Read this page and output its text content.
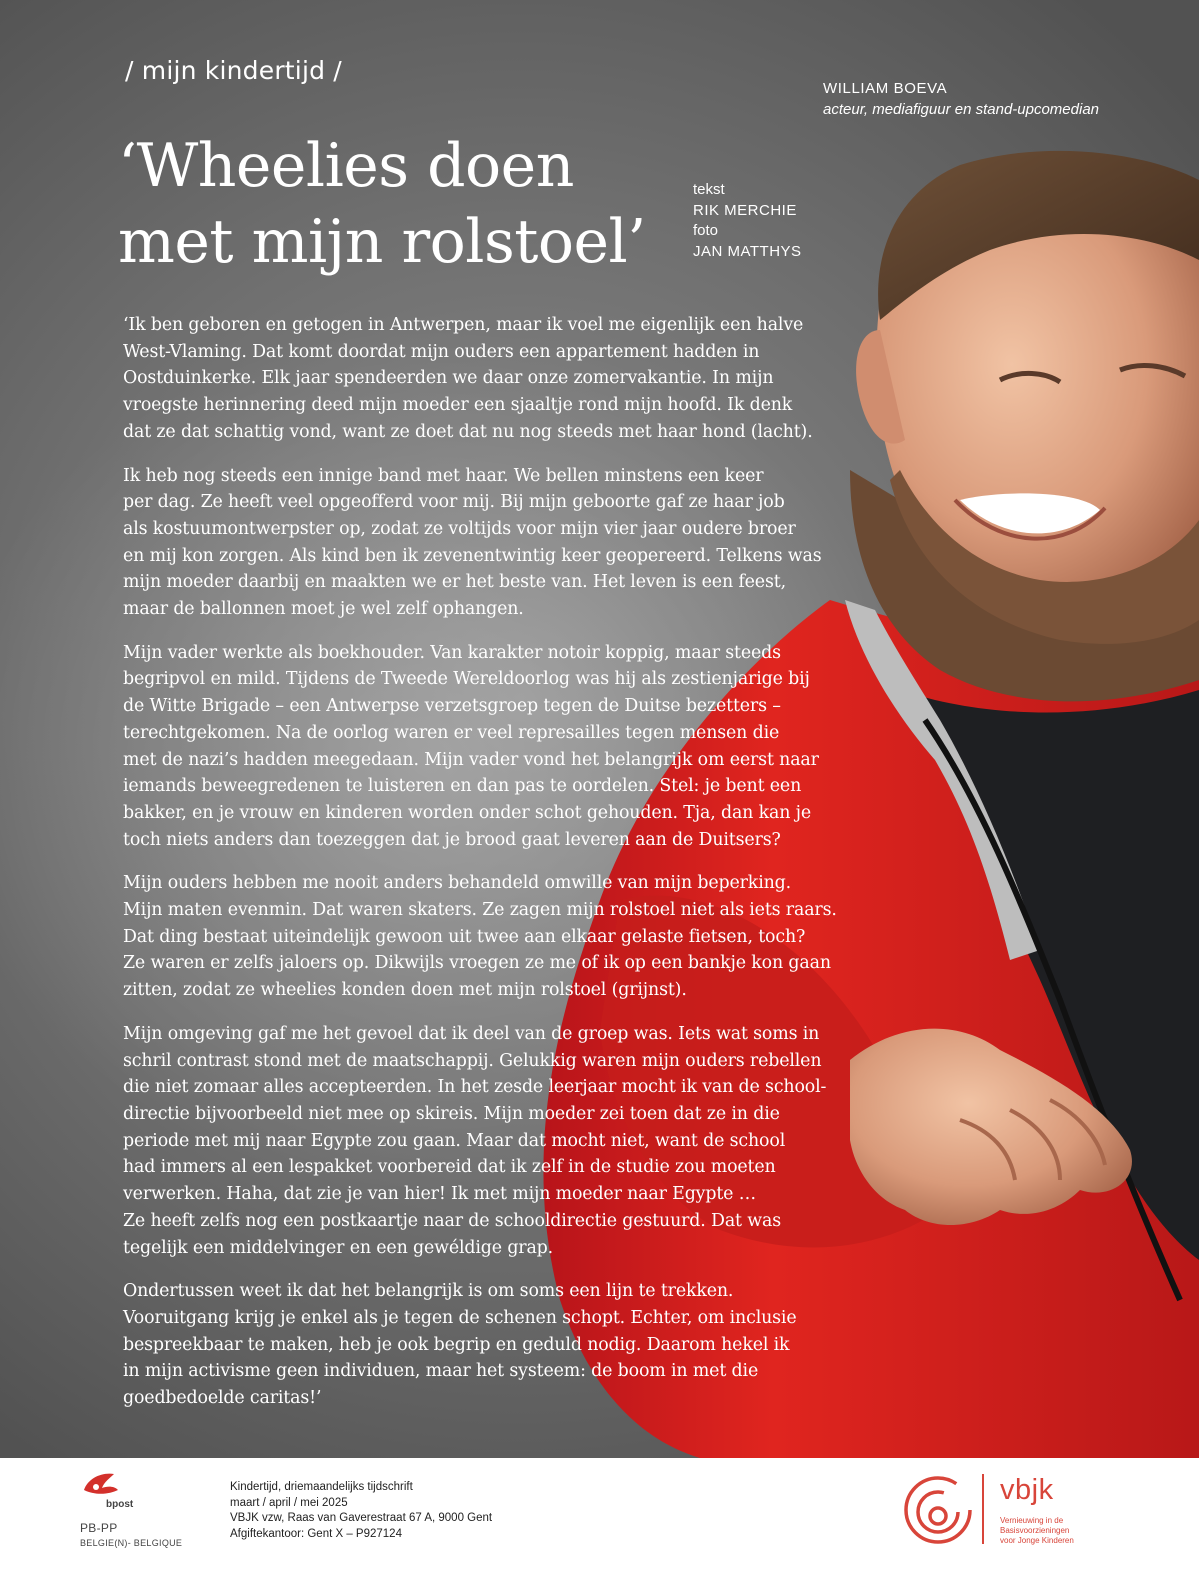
/ mijn kindertijd /
WILLIAM BOEVA
acteur, mediafiguur en stand-upcomedian
‘Wheelies doen
met mijn rolstoel’
tekst
RIK MERCHIE
foto
JAN MATTHYS

‘Ik ben geboren en getogen in Antwerpen, maar ik voel me eigenlijk een halve
West-Vlaming. Dat komt doordat mijn ouders een appartement hadden in
Oostduinkerke. Elk jaar spendeerden we daar onze zomervakantie. In mijn
vroegste herinnering deed mijn moeder een sjaaltje rond mijn hoofd. Ik denk
dat ze dat schattig vond, want ze doet dat nu nog steeds met haar hond (lacht).

Ik heb nog steeds een innige band met haar. We bellen minstens een keer
per dag. Ze heeft veel opgeofferd voor mij. Bij mijn geboorte gaf ze haar job
als kostuumontwerpster op, zodat ze voltijds voor mijn vier jaar oudere broer
en mij kon zorgen. Als kind ben ik zevenentwintig keer geopereerd. Telkens was
mijn moeder daarbij en maakten we er het beste van. Het leven is een feest,
maar de ballonnen moet je wel zelf ophangen.

Mijn vader werkte als boekhouder. Van karakter notoir koppig, maar steeds
begripvol en mild. Tijdens de Tweede Wereldoorlog was hij als zestienjarige bij
de Witte Brigade – een Antwerpse verzetsgroep tegen de Duitse bezetters –
terechtgekomen. Na de oorlog waren er veel represailles tegen mensen die
met de nazi’s hadden meegedaan. Mijn vader vond het belangrijk om eerst naar
iemands beweegredenen te luisteren en dan pas te oordelen. Stel: je bent een
bakker, en je vrouw en kinderen worden onder schot gehouden. Tja, dan kan je
toch niets anders dan toezeggen dat je brood gaat leveren aan de Duitsers?

Mijn ouders hebben me nooit anders behandeld omwille van mijn beperking.
Mijn maten evenmin. Dat waren skaters. Ze zagen mijn rolstoel niet als iets raars.
Dat ding bestaat uiteindelijk gewoon uit twee aan elkaar gelaste fietsen, toch?
Ze waren er zelfs jaloers op. Dikwijls vroegen ze me of ik op een bankje kon gaan
zitten, zodat ze wheelies konden doen met mijn rolstoel (grijnst).

Mijn omgeving gaf me het gevoel dat ik deel van de groep was. Iets wat soms in
schril contrast stond met de maatschappij. Gelukkig waren mijn ouders rebellen
die niet zomaar alles accepteerden. In het zesde leerjaar mocht ik van de school-
directie bijvoorbeeld niet mee op skireis. Mijn moeder zei toen dat ze in die
periode met mij naar Egypte zou gaan. Maar dat mocht niet, want de school
had immers al een lespakket voorbereid dat ik zelf in de studie zou moeten
verwerken. Haha, dat zie je van hier! Ik met mijn moeder naar Egypte …
Ze heeft zelfs nog een postkaartje naar de schooldirectie gestuurd. Dat was
tegelijk een middelvinger en een gewéldige grap.

Ondertussen weet ik dat het belangrijk is om soms een lijn te trekken.
Vooruitgang krijg je enkel als je tegen de schenen schopt. Echter, om inclusie
bespreekbaar te maken, heb je ook begrip en geduld nodig. Daarom hekel ik
in mijn activisme geen individuen, maar het systeem: de boom in met die
goedbedoelde caritas!’

bpost
PB-PP
BELGIE(N)- BELGIQUE
Kindertijd, driemaandelijks tijdschrift
maart / april / mei 2025
VBJK vzw, Raas van Gaverestraat 67 A, 9000 Gent
Afgiftekantoor: Gent X – P927124
vbjk
Vernieuwing in de
Basisvoorzieningen
voor Jonge Kinderen
